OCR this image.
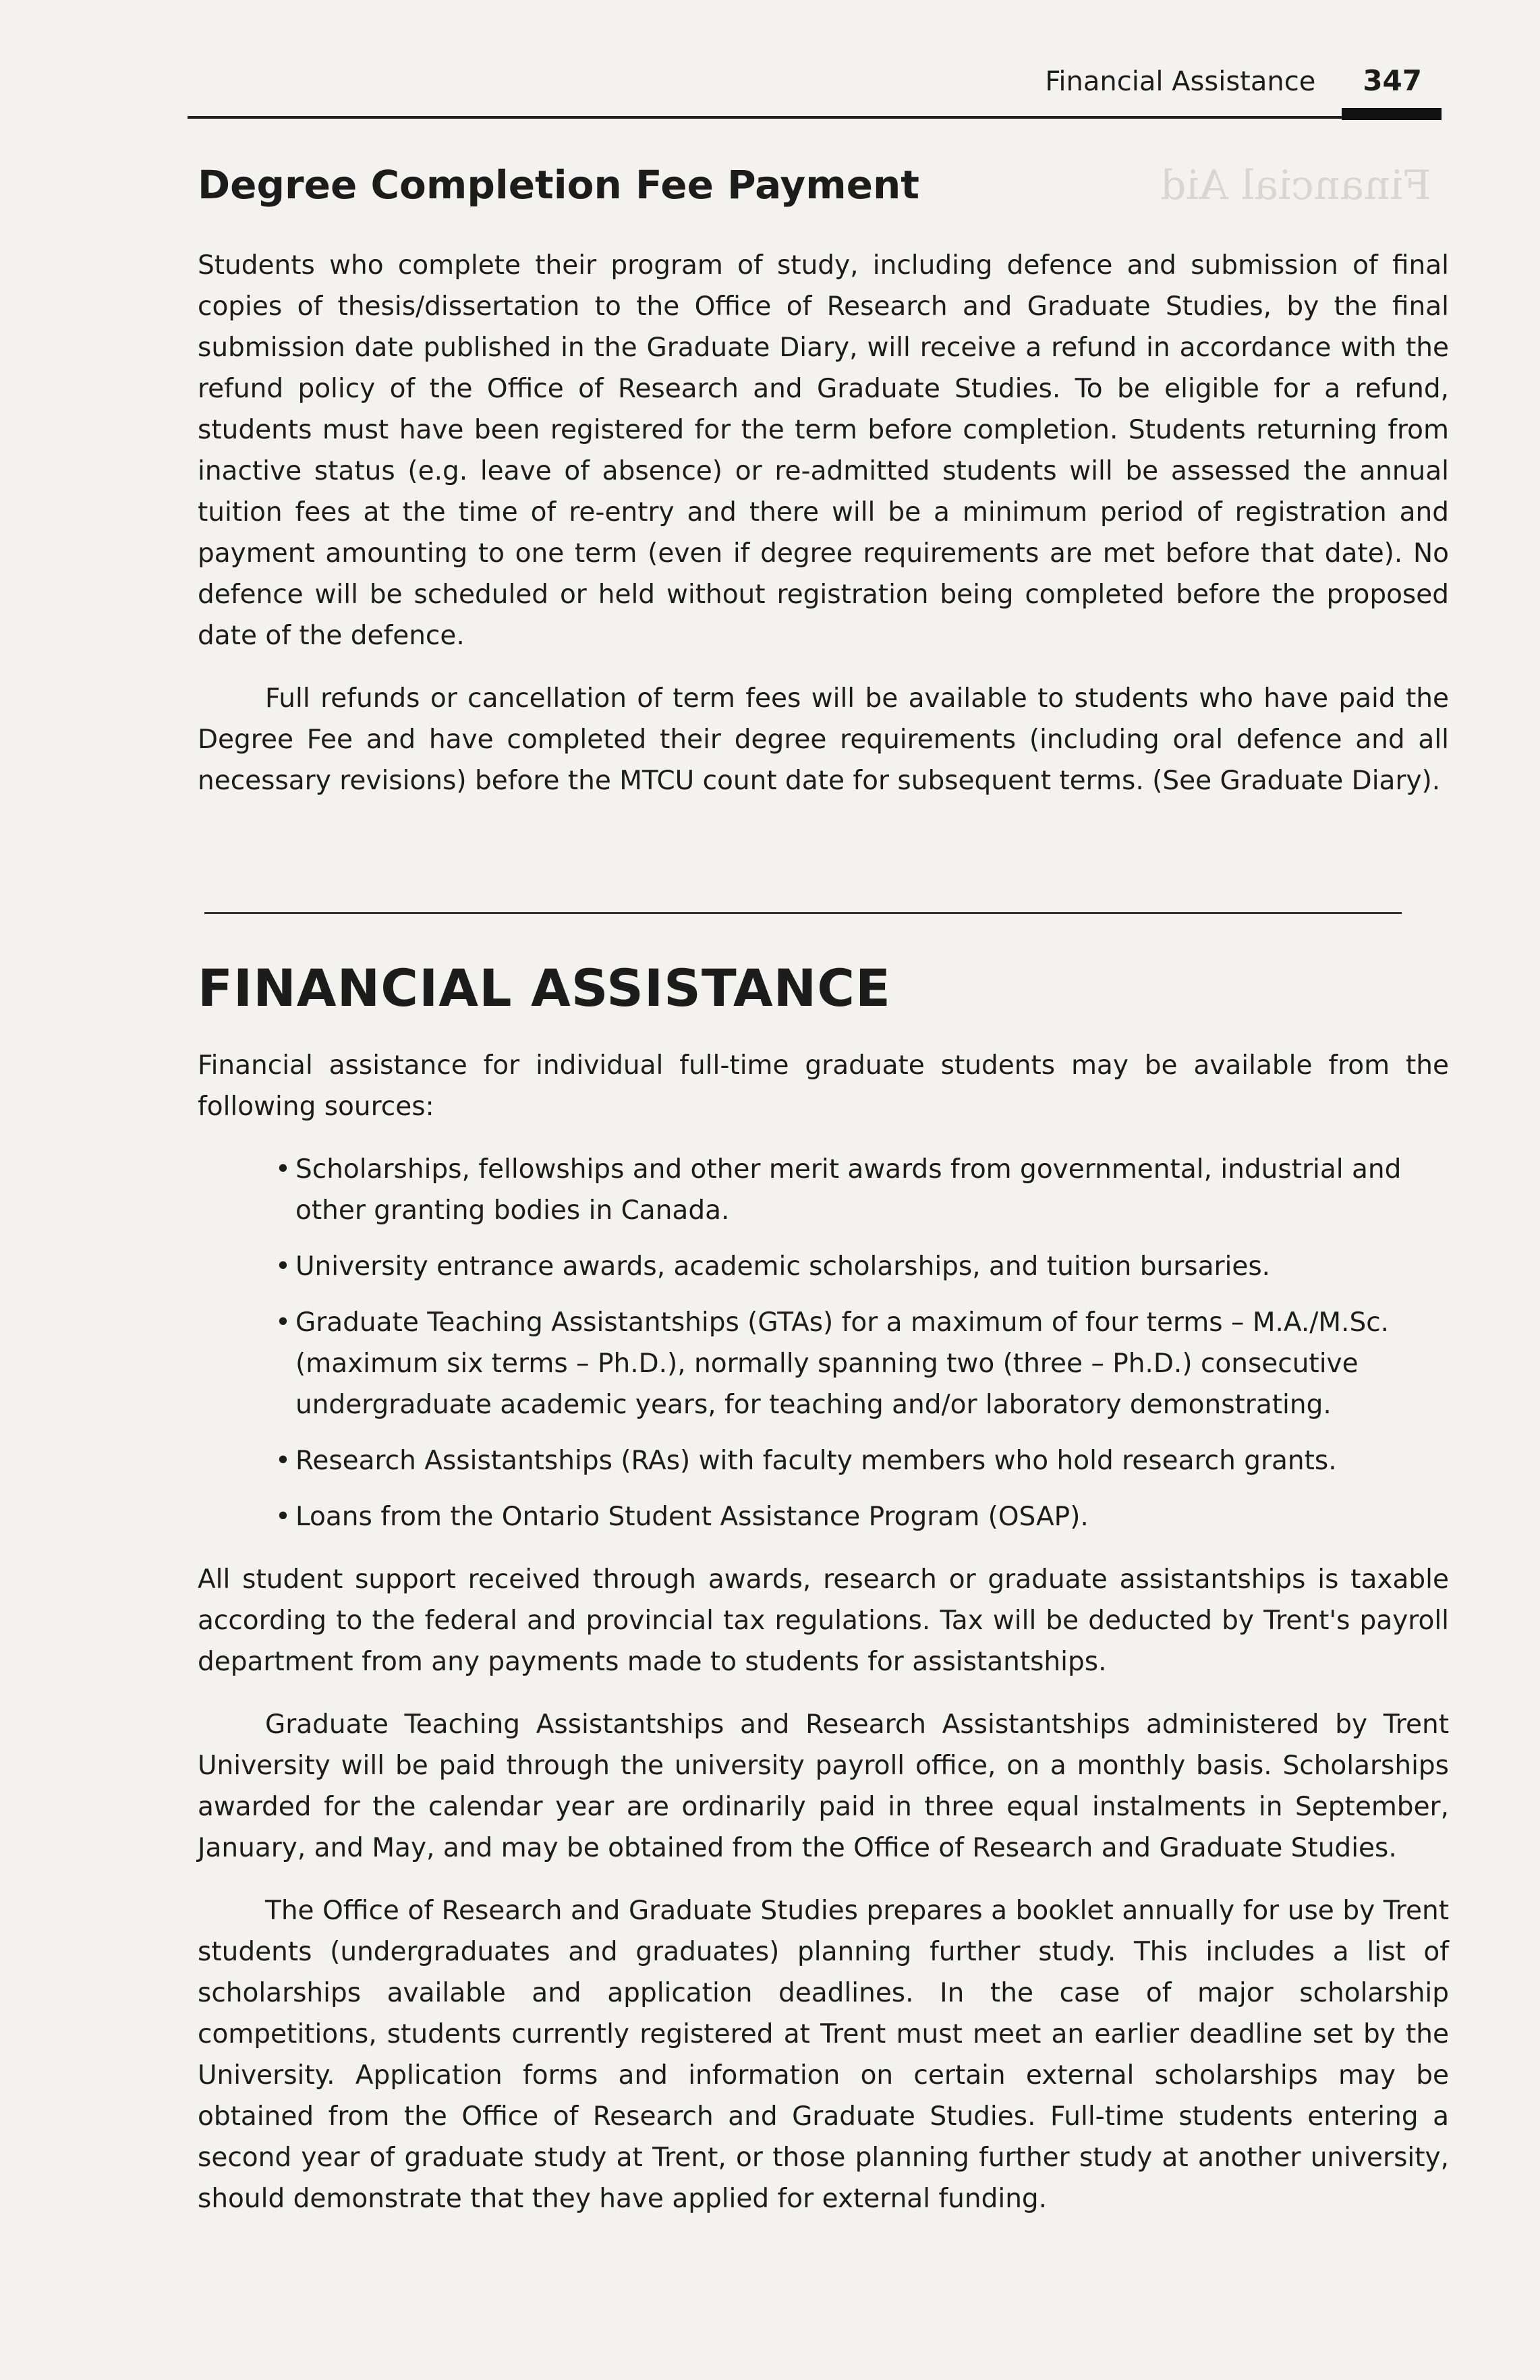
Financial Aid
Financial Assistance 347
Degree Completion Fee Payment

Students who complete their program of study, including defence and submission of final copies of thesis/dissertation to the Office of Research and Graduate Studies, by the final submission date published in the Graduate Diary, will receive a refund in accordance with the refund policy of the Office of Research and Graduate Studies. To be eligible for a refund, students must have been registered for the term before completion. Students returning from inactive status (e.g. leave of absence) or re-admitted students will be assessed the annual tuition fees at the time of re-entry and there will be a minimum period of registration and payment amounting to one term (even if degree requirements are met before that date). No defence will be scheduled or held without registration being completed before the proposed date of the defence.

Full refunds or cancellation of term fees will be available to students who have paid the Degree Fee and have completed their degree requirements (including oral defence and all necessary revisions) before the MTCU count date for subsequent terms. (See Graduate Diary).

FINANCIAL ASSISTANCE

Financial assistance for individual full-time graduate students may be available from the following sources:

• Scholarships, fellowships and other merit awards from governmental, industrial and other granting bodies in Canada.
• University entrance awards, academic scholarships, and tuition bursaries.
• Graduate Teaching Assistantships (GTAs) for a maximum of four terms – M.A./M.Sc. (maximum six terms – Ph.D.), normally spanning two (three – Ph.D.) consecutive undergraduate academic years, for teaching and/or laboratory demonstrating.
• Research Assistantships (RAs) with faculty members who hold research grants.
• Loans from the Ontario Student Assistance Program (OSAP).

All student support received through awards, research or graduate assistantships is taxable according to the federal and provincial tax regulations. Tax will be deducted by Trent's payroll department from any payments made to students for assistantships.

Graduate Teaching Assistantships and Research Assistantships administered by Trent University will be paid through the university payroll office, on a monthly basis. Scholarships awarded for the calendar year are ordinarily paid in three equal instalments in September, January, and May, and may be obtained from the Office of Research and Graduate Studies.

The Office of Research and Graduate Studies prepares a booklet annually for use by Trent students (undergraduates and graduates) planning further study. This includes a list of scholarships available and application deadlines. In the case of major scholarship competitions, students currently registered at Trent must meet an earlier deadline set by the University. Application forms and information on certain external scholarships may be obtained from the Office of Research and Graduate Studies. Full-time students entering a second year of graduate study at Trent, or those planning further study at another university, should demonstrate that they have applied for external funding.
